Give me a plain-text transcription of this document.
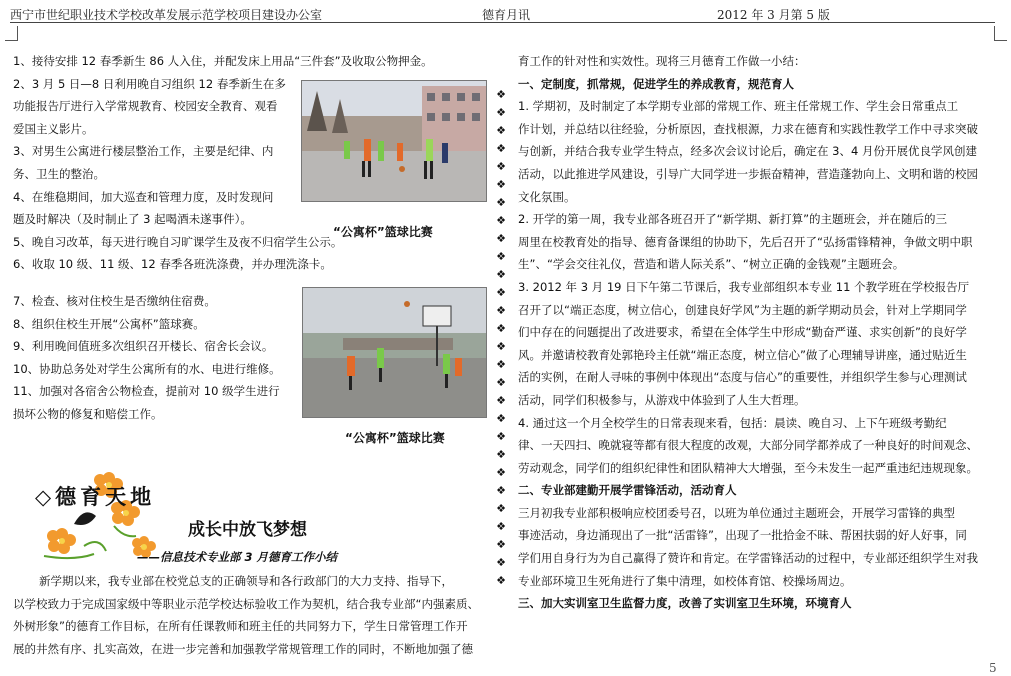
西宁市世纪职业技术学校改革发展示范学校项目建设办公室	德育月讯	2012 年 3 月第 5 版

1、接待安排 12 春季新生 86 人入住，并配发床上用品“三件套”及收取公物押金。

2、3 月 5 日—8 日利用晚自习组织 12 春季新生在多

功能报告厅进行入学常规教育、校园安全教育、观看

爱国主义影片。

3、对男生公寓进行楼层整治工作，主要是纪律、内

务、卫生的整治。

4、在维稳期间，加大巡查和管理力度，及时发现问

题及时解决（及时制止了 3 起喝酒未遂事件）。

5、晚自习改革，每天进行晚自习旷课学生及夜不归宿学生公示。

6、收取 10 级、11 级、12 春季各班洗涤费，并办理洗涤卡。

7、检查、核对住校生是否缴纳住宿费。

8、组织住校生开展“公寓杯”篮球赛。

9、利用晚间值班多次组织召开楼长、宿舍长会议。

10、协助总务处对学生公寓所有的水、电进行维修。

11、加强对各宿舍公物检查，提前对 10 级学生进行

损坏公物的修复和赔偿工作。

“公寓杯”篮球比赛
“公寓杯”篮球比赛
❖
❖
❖
❖
❖
❖
❖
❖
❖
❖
❖
❖
❖
❖
❖
❖
❖
❖
❖
❖
❖
❖
❖
❖
❖
❖
❖
❖
◇德育天地
成长中放飞梦想
——信息技术专业部 3 月德育工作小结

新学期以来，我专业部在校党总支的正确领导和各行政部门的大力支持、指导下，

以学校致力于完成国家级中等职业示范学校达标验收工作为契机，结合我专业部“内强素质、

外树形象”的德育工作目标，在所有任课教师和班主任的共同努力下，学生日常管理工作开

展的井然有序、扎实高效，在进一步完善和加强教学常规管理工作的同时，不断地加强了德

育工作的针对性和实效性。现将三月德育工作做一小结：

一、定制度，抓常规，促进学生的养成教育，规范育人

1. 学期初，及时制定了本学期专业部的常规工作、班主任常规工作、学生会日常重点工

作计划，并总结以往经验，分析原因，查找根源，力求在德育和实践性教学工作中寻求突破

与创新，并结合我专业学生特点，经多次会议讨论后，确定在 3、4 月份开展优良学风创建

活动，以此推进学风建设，引导广大同学进一步振奋精神，营造蓬勃向上、文明和谐的校园

文化氛围。

2. 开学的第一周，我专业部各班召开了“新学期、新打算”的主题班会，并在随后的三

周里在校教育处的指导、德育备课组的协助下，先后召开了“弘扬雷锋精神，争做文明中职

生”、“学会交往礼仪，营造和谐人际关系”、“树立正确的金钱观”主题班会。

3. 2012 年 3 月 19 日下午第二节课后，我专业部组织本专业 11 个教学班在学校报告厅

召开了以“端正态度，树立信心，创建良好学风”为主题的新学期动员会，针对上学期同学

们中存在的问题提出了改进要求，希望在全体学生中形成“勤奋严谨、求实创新”的良好学

风。并邀请校教育处郭艳玲主任就“端正态度，树立信心”做了心理辅导讲座，通过贴近生

活的实例，在耐人寻味的事例中体现出“态度与信心”的重要性，并组织学生参与心理测试

活动，同学们积极参与，从游戏中体验到了人生大哲理。

4. 通过这一个月全校学生的日常表现来看，包括：晨读、晚自习、上下午班级考勤纪

律、一天四扫、晚就寝等都有很大程度的改观，大部分同学都养成了一种良好的时间观念、

劳动观念，同学们的组织纪律性和团队精神大大增强，至今未发生一起严重违纪违规现象。

二、专业部建勤开展学雷锋活动，活动育人

三月初我专业部积极响应校团委号召，以班为单位通过主题班会，开展学习雷锋的典型

事迹活动，身边涌现出了一批“活雷锋”，出现了一批拾金不昧、帮困扶弱的好人好事，同

学们用自身行为为自己赢得了赞许和肯定。在学雷锋活动的过程中，专业部还组织学生对我

专业部环境卫生死角进行了集中清理，如校体育馆、校操场周边。

三、加大实训室卫生监督力度，改善了实训室卫生环境，环境育人

5
